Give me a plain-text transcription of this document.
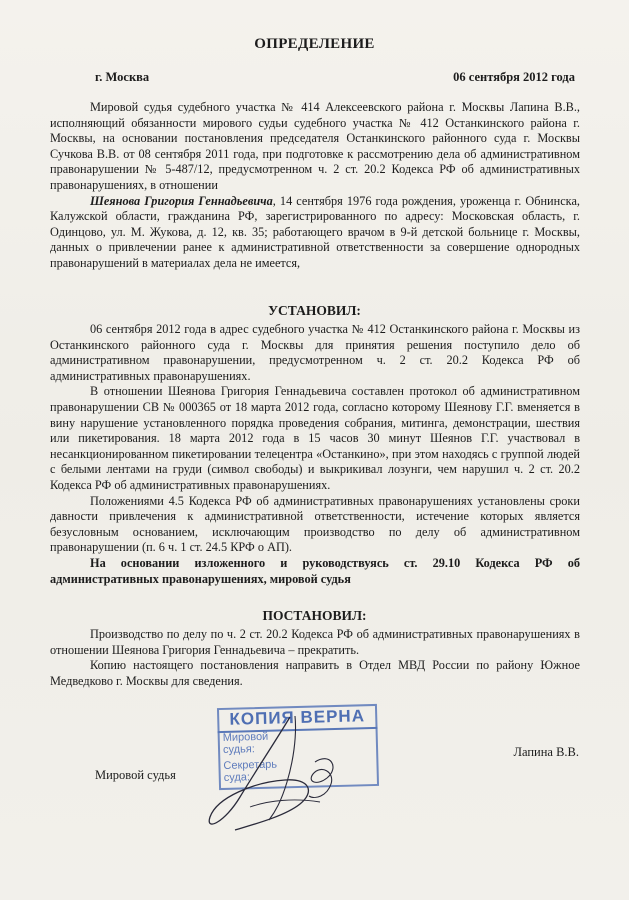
ОПРЕДЕЛЕНИЕ
г. Москва	06 сентября 2012 года

Мировой судья судебного участка № 414 Алексеевского района г. Москвы Лапина В.В., исполняющий обязанности мирового судьи судебного участка № 412 Останкинского района г. Москвы, на основании постановления председателя Останкинского районного суда г. Москвы Сучкова В.В. от 08 сентября 2011 года, при подготовке к рассмотрению дела об административном правонарушении № 5-487/12, предусмотренном ч. 2 ст. 20.2 Кодекса РФ об административных правонарушениях, в отношении

Шеянова Григория Геннадьевича, 14 сентября 1976 года рождения, уроженца г. Обнинска, Калужской области, гражданина РФ, зарегистрированного по адресу: Московская область, г. Одинцово, ул. М. Жукова, д. 12, кв. 35; работающего врачом в 9-й детской больнице г. Москвы, данных о привлечении ранее к административной ответственности за совершение однородных правонарушений в материалах дела не имеется,

УСТАНОВИЛ:

06 сентября 2012 года в адрес судебного участка № 412 Останкинского района г. Москвы из Останкинского районного суда г. Москвы для принятия решения поступило дело об административном правонарушении, предусмотренном ч. 2 ст. 20.2 Кодекса РФ об административных правонарушениях.

В отношении Шеянова Григория Геннадьевича составлен протокол об административном правонарушении СВ № 000365 от 18 марта 2012 года, согласно которому Шеянову Г.Г. вменяется в вину нарушение установленного порядка проведения собрания, митинга, демонстрации, шествия или пикетирования. 18 марта 2012 года в 15 часов 30 минут Шеянов Г.Г. участвовал в несанкционированном пикетировании телецентра «Останкино», при этом находясь с группой людей с белыми лентами на груди (символ свободы) и выкрикивал лозунги, чем нарушил ч. 2 ст. 20.2 Кодекса РФ об административных правонарушениях.

Положениями 4.5 Кодекса РФ об административных правонарушениях установлены сроки давности привлечения к административной ответственности, истечение которых является безусловным основанием, исключающим производство по делу об административном правонарушении (п. 6 ч. 1 ст. 24.5 КРФ о АП).

На основании изложенного и руководствуясь ст. 29.10 Кодекса РФ об административных правонарушениях, мировой судья

ПОСТАНОВИЛ:

Производство по делу по ч. 2 ст. 20.2 Кодекса РФ об административных правонарушениях в отношении Шеянова Григория Геннадьевича – прекратить.

Копию настоящего постановления направить в Отдел МВД России по району Южное Медведково г. Москвы для сведения.

Мировой судья
Лапина В.В.
КОПИЯ ВЕРНА
Мировой
судья:
Секретарь
суда:
